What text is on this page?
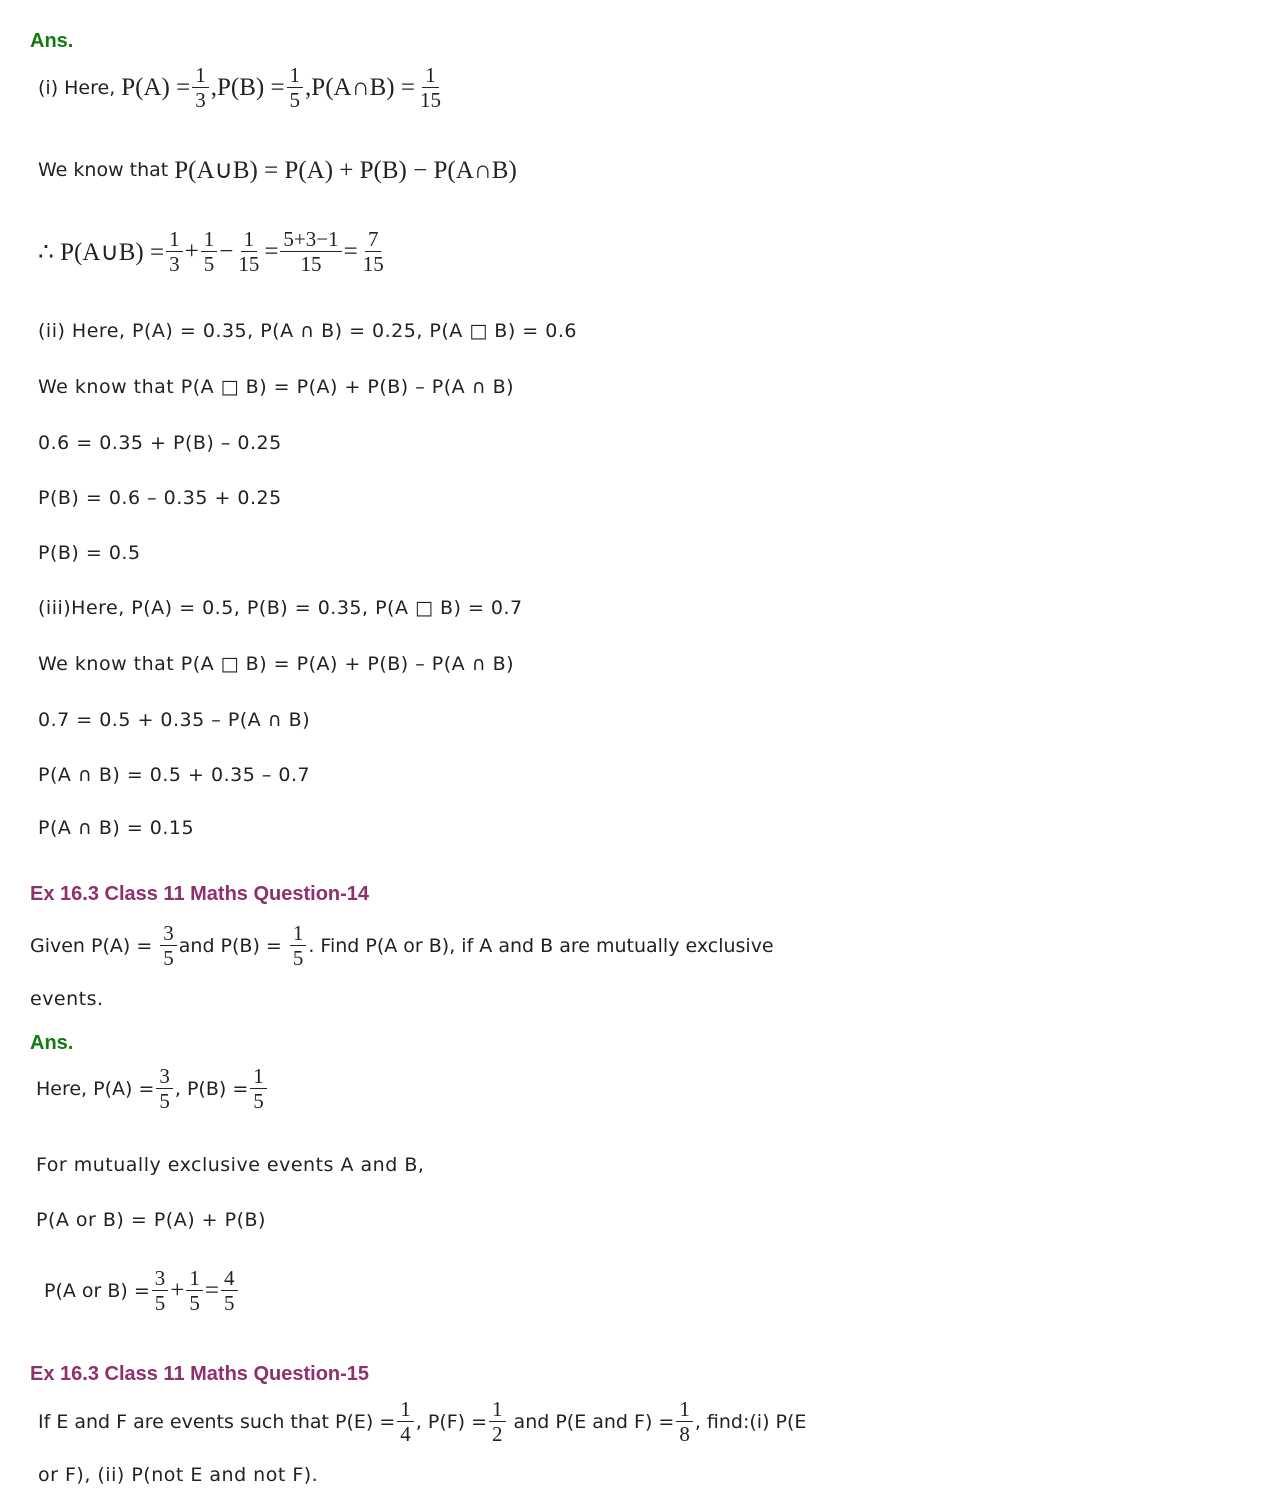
Ans.
(i) Here, $P(A) = \frac{1}{3} ,P(B) = \frac{1}{5}$ ,P(A∩B) = $\frac{1}{15}$
We know that P(A∪B) = P(A) + P(B) − P(A∩B)
∴ P(A∪B) = $\frac{1}{3} + \frac{1}{5} - \frac{1}{15} = \frac{5+3-1}{15} = \frac{7}{15}$
(ii) Here, P(A) = 0.35, P(A ∩ B) = 0.25, P(A □ B) = 0.6
We know that P(A □ B) = P(A) + P(B) – P(A ∩ B)
0.6 = 0.35 + P(B) – 0.25
P(B) = 0.6 – 0.35 + 0.25
P(B) = 0.5
(iii)Here, P(A) = 0.5, P(B) = 0.35, P(A □ B) = 0.7
We know that P(A □ B) = P(A) + P(B) – P(A ∩ B)
0.7 = 0.5 + 0.35 – P(A ∩ B)
P(A ∩ B) = 0.5 + 0.35 – 0.7
P(A ∩ B) = 0.15
Ex 16.3 Class 11 Maths Question-14
Given $P(A) = \frac{3}{5}$ and $P(B) = \frac{1}{5}$ . Find P(A or B), if A and B are mutually exclusive
events.
Ans.
Here, $P(A) = \frac{3}{5}$ , $P(B) = \frac{1}{5}$
For mutually exclusive events A and B,
P(A or B) = P(A) + P(B)
P(A or $B) = \frac{3}{5} + \frac{1}{5} = \frac{4}{5}$
Ex 16.3 Class 11 Maths Question-15
If E and F are events such that $P(E) = \frac{1}{4}$ , $P(F) = \frac{1}{2}$ and P(E and $F) = \frac{1}{8}$ , find:(i) P(E
or F), (ii) P(not E and not F).
